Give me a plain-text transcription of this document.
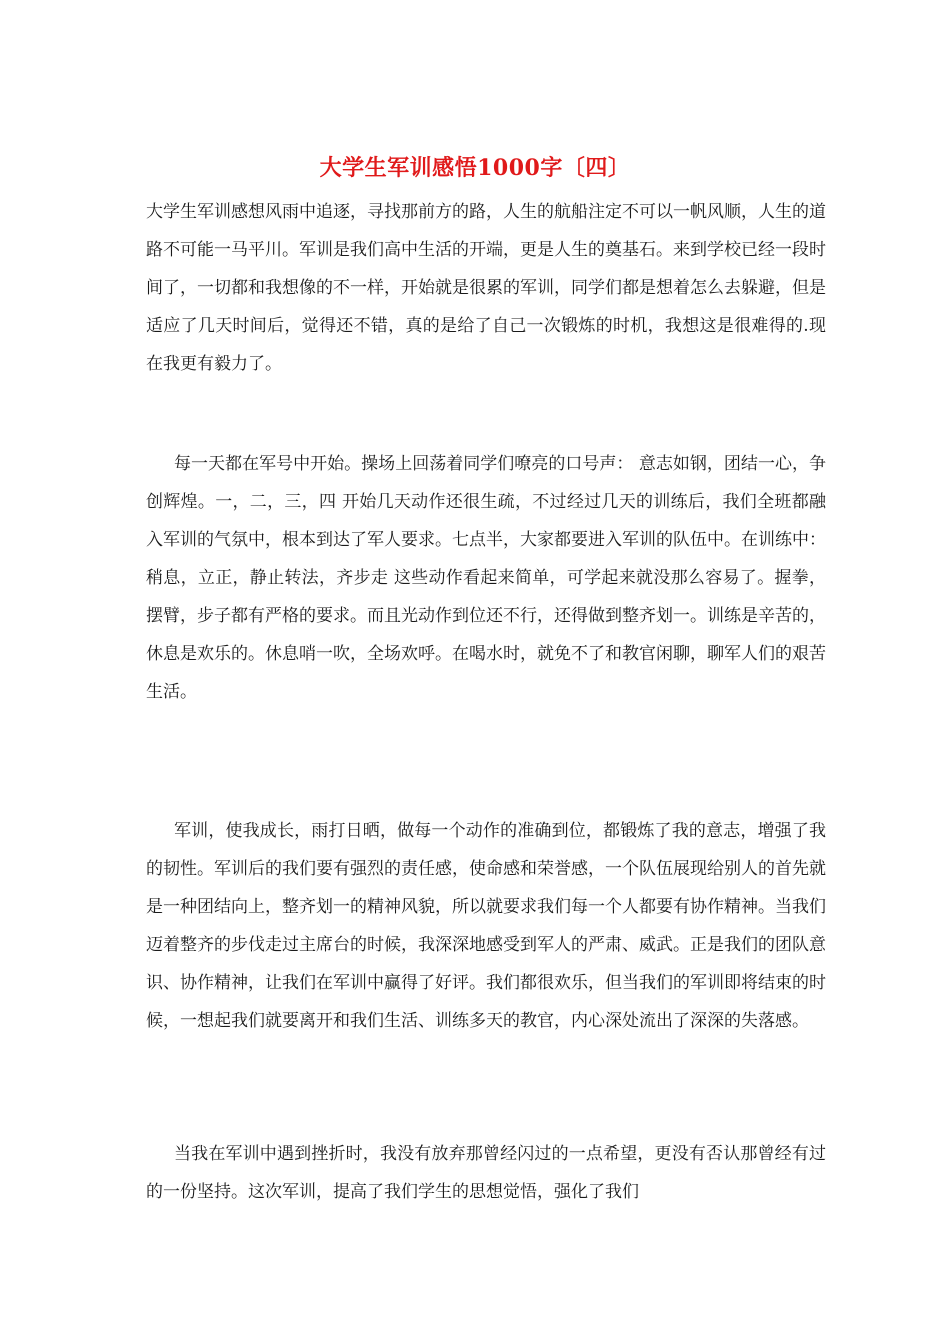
大学生军训感悟1000字〔四〕

大学生军训感想风雨中追逐，寻找那前方的路，人生的航船注定不可以一帆风顺，人生的道路不可能一马平川。军训是我们高中生活的开端，更是人生的奠基石。来到学校已经一段时间了，一切都和我想像的不一样，开始就是很累的军训，同学们都是想着怎么去躲避，但是适应了几天时间后，觉得还不错，真的是给了自己一次锻炼的时机，我想这是很难得的.现在我更有毅力了。

每一天都在军号中开始。操场上回荡着同学们嘹亮的口号声： 意志如钢，团结一心，争创辉煌。一，二，三，四 开始几天动作还很生疏，不过经过几天的训练后，我们全班都融入军训的气氛中，根本到达了军人要求。七点半，大家都要进入军训的队伍中。在训练中：稍息，立正，静止转法，齐步走 这些动作看起来简单，可学起来就没那么容易了。握拳，摆臂，步子都有严格的要求。而且光动作到位还不行，还得做到整齐划一。训练是辛苦的，休息是欢乐的。休息哨一吹，全场欢呼。在喝水时，就免不了和教官闲聊，聊军人们的艰苦生活。

军训，使我成长，雨打日晒，做每一个动作的准确到位，都锻炼了我的意志，增强了我的韧性。军训后的我们要有强烈的责任感，使命感和荣誉感，一个队伍展现给别人的首先就是一种团结向上，整齐划一的精神风貌，所以就要求我们每一个人都要有协作精神。当我们迈着整齐的步伐走过主席台的时候，我深深地感受到军人的严肃、威武。正是我们的团队意识、协作精神，让我们在军训中赢得了好评。我们都很欢乐，但当我们的军训即将结束的时候，一想起我们就要离开和我们生活、训练多天的教官，内心深处流出了深深的失落感。

当我在军训中遇到挫折时，我没有放弃那曾经闪过的一点希望，更没有否认那曾经有过的一份坚持。这次军训，提高了我们学生的思想觉悟，强化了我们
